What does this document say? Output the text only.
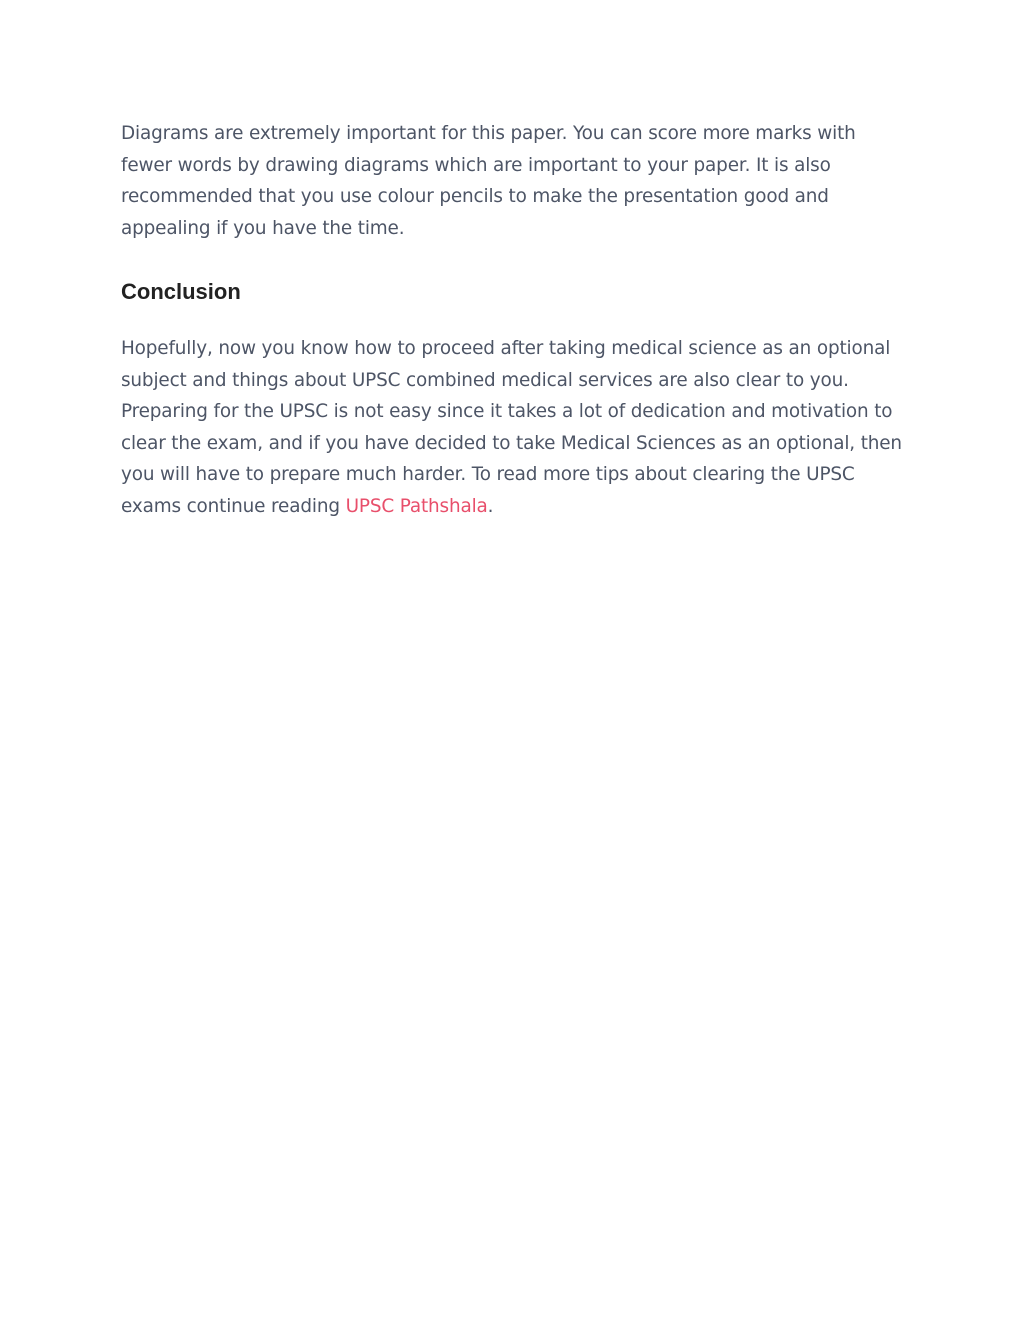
Diagrams are extremely important for this paper. You can score more marks with fewer words by drawing diagrams which are important to your paper. It is also recommended that you use colour pencils to make the presentation good and appealing if you have the time.

Conclusion

Hopefully, now you know how to proceed after taking medical science as an optional subject and things about UPSC combined medical services are also clear to you. Preparing for the UPSC is not easy since it takes a lot of dedication and motivation to clear the exam, and if you have decided to take Medical Sciences as an optional, then you will have to prepare much harder. To read more tips about clearing the UPSC exams continue reading UPSC Pathshala.
